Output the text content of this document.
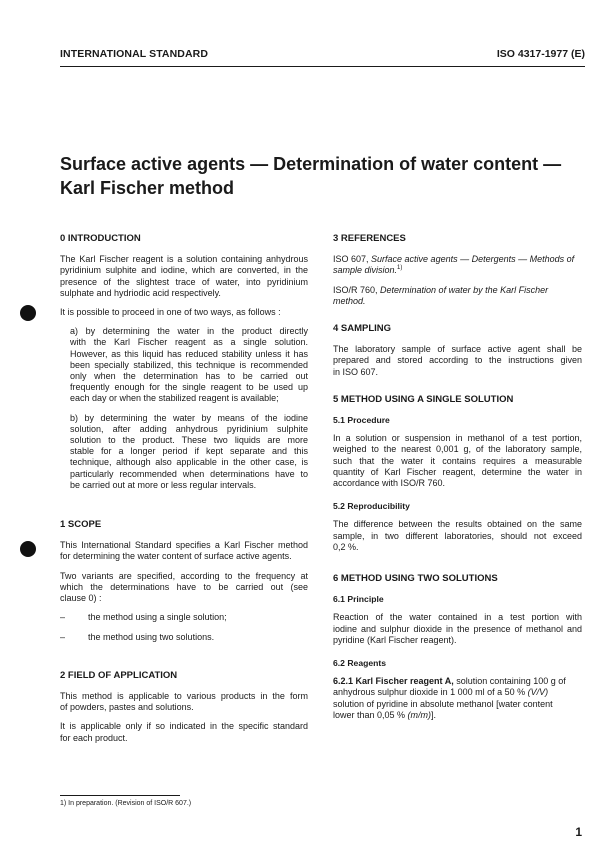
INTERNATIONAL STANDARD	ISO 4317-1977 (E)
Surface active agents — Determination of water content —
Karl Fischer method
0 INTRODUCTION
The Karl Fischer reagent is a solution containing anhydrous
pyridinium sulphite and iodine, which are converted, in the
presence of the slightest trace of water, into pyridinium
sulphate and hydriodic acid respectively.
It is possible to proceed in one of two ways, as follows :
a) by determining the water in the product directly
with the Karl Fischer reagent as a single solution.
However, as this liquid has reduced stability unless it has
been specially stabilized, this technique is recommended
only when the determination has to be carried out
frequently enough for the single reagent to be used up
each day or when the stabilized reagent is available;
b) by determining the water by means of the iodine
solution, after adding anhydrous pyridinium sulphite
solution to the product. These two liquids are more
stable for a longer period if kept separate and this
technique, although also applicable in the other case, is
particularly recommended when determinations have to
be carried out at more or less regular intervals.
1 SCOPE
This International Standard specifies a Karl Fischer method
for determining the water content of surface active agents.
Two variants are specified, according to the frequency at
which the determinations have to be carried out (see
clause 0) :
–	the method using a single solution;
–	the method using two solutions.
2 FIELD OF APPLICATION
This method is applicable to various products in the form
of powders, pastes and solutions.
It is applicable only if so indicated in the specific standard
for each product.
3 REFERENCES
ISO 607, Surface active agents — Detergents — Methods of
sample division.$^{1)}$
ISO/R 760, Determination of water by the Karl Fischer
method.
4 SAMPLING
The laboratory sample of surface active agent shall be
prepared and stored according to the instructions given
in ISO 607.
5 METHOD USING A SINGLE SOLUTION
5.1 Procedure
In a solution or suspension in methanol of a test portion,
weighed to the nearest 0,001 g, of the laboratory sample,
such that the water it contains requires a measurable
quantity of Karl Fischer reagent, determine the water in
accordance with ISO/R 760.
5.2 Reproducibility
The difference between the results obtained on the same
sample, in two different laboratories, should not exceed
0,2 %.
6 METHOD USING TWO SOLUTIONS
6.1 Principle
Reaction of the water contained in a test portion with
iodine and sulphur dioxide in the presence of methanol and
pyridine (Karl Fischer reagent).
6.2 Reagents
6.2.1 Karl Fischer reagent A, solution containing 100 g of
anhydrous sulphur dioxide in 1 000 ml of a 50 % (V/V)
solution of pyridine in absolute methanol [water content
lower than 0,05 % (m/m)].
1) In preparation. (Revision of ISO/R 607.)
1
